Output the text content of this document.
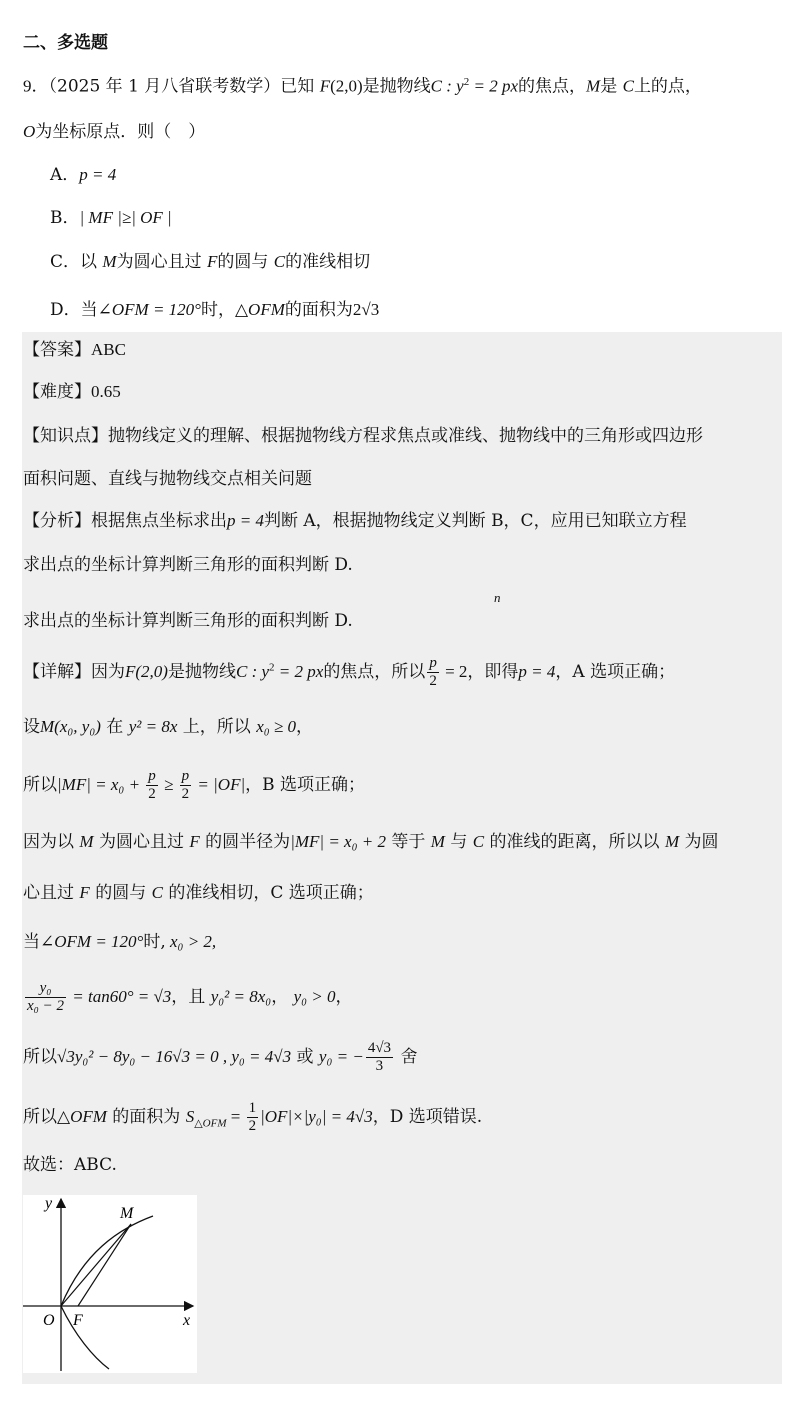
二、多选题
9．（2025 年 1 月八省联考数学）已知 F(2,0)是抛物线C : $y^2 = 2$ px的焦点，M是 C上的点，
O为坐标原点．则（　）
A．p = 4
B．| MF |≥| OF |
C．以 M为圆心且过 F的圆与 C的准线相切
D．当∠OFM = 120°时，△OFM的面积为2√3
【答案】ABC
【难度】0.65
【知识点】抛物线定义的理解、根据抛物线方程求焦点或准线、抛物线中的三角形或四边形
面积问题、直线与抛物线交点相关问题
【分析】根据焦点坐标求出p = 4判断 A，根据抛物线定义判断 B，C，应用已知联立方程
求出点的坐标计算判断三角形的面积判断 D.
求出点的坐标计算判断三角形的面积判断 D.
n
【详解】因为F(2,0)是抛物线C : $y^2 = 2$ px的焦点，所以 $\frac{p}{2} = 2$，即得p = 4，A 选项正确；
设M(x₀, y₀) 在 y² = 8x 上，所以 x₀ ≥ 0，
所以$|MF| = x_0 + \frac{p}{2} \ge \frac{p}{2} = |OF|$，B 选项正确；
因为以 M 为圆心且过 F 的圆半径为|MF| = x₀ + 2 等于 M 与 C 的准线的距离，所以以 M 为圆
心且过 F 的圆与 C 的准线相切，C 选项正确；
当∠OFM = 120°时, x₀ > 2,
$\frac{\text{y₀}}{\text{x₀ − 2}} = \tan 60^\circ = √3$，且 y₀² = 8x₀， y₀ > 0，
所以√3y₀² − 8y₀ − 16√3 = 0 , y₀ = 4√3 或 y₀ = − $\frac{4√3}{3}$ 舍
所以△OFM 的面积为 $S_{\triangle OFM} = \frac{1}{2} |OF|\times|y_0| = 4√3$，D 选项错误.
故选：ABC.
y
x
O F
M
